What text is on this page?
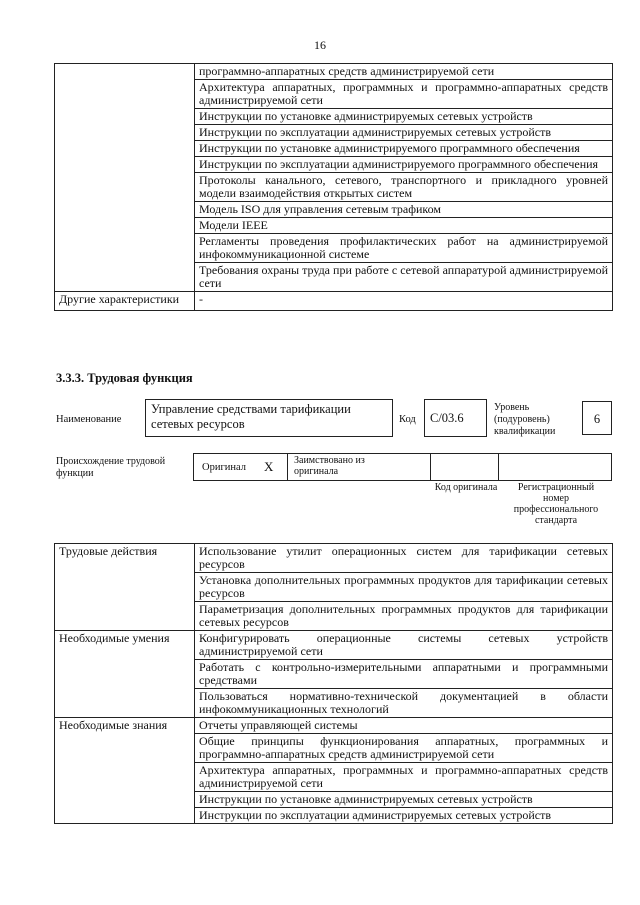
16
	программно-аппаратных средств администрируемой сети
	Архитектура аппаратных, программных и программно-аппаратных средств администрируемой сети
	Инструкции по установке администрируемых сетевых устройств
	Инструкции по эксплуатации администрируемых сетевых устройств
	Инструкции по установке администрируемого программного обеспечения
	Инструкции по эксплуатации администрируемого программного обеспечения
	Протоколы канального, сетевого, транспортного и прикладного уровней модели взаимодействия открытых систем
	Модель ISO для управления сетевым трафиком
	Модели IEEE
	Регламенты проведения профилактических работ на администрируемой инфокоммуникационной системе
	Требования охраны труда при работе с сетевой аппаратурой администрируемой сети
Другие характеристики	-
3.3.3. Трудовая функция
Наименование
Управление средствами тарификации сетевых ресурсов	Код	С/03.6
Уровень (подуровень) квалификации
6
Происхождение трудовой функции
Оригинал X Заимствовано из оригинала
Код оригинала	Регистрационный номер профессионального стандарта
Трудовые действия	Использование утилит операционных систем для тарификации сетевых ресурсов
	Установка дополнительных программных продуктов для тарификации сетевых ресурсов
	Параметризация дополнительных программных продуктов для тарификации сетевых ресурсов
Необходимые умения	Конфигурировать операционные системы сетевых устройств администрируемой сети
	Работать с контрольно-измерительными аппаратными и программными средствами
	Пользоваться нормативно-технической документацией в области инфокоммуникационных технологий
Необходимые знания	Отчеты управляющей системы
	Общие принципы функционирования аппаратных, программных и программно-аппаратных средств администрируемой сети
	Архитектура аппаратных, программных и программно-аппаратных средств администрируемой сети
	Инструкции по установке администрируемых сетевых устройств
	Инструкции по эксплуатации администрируемых сетевых устройств
